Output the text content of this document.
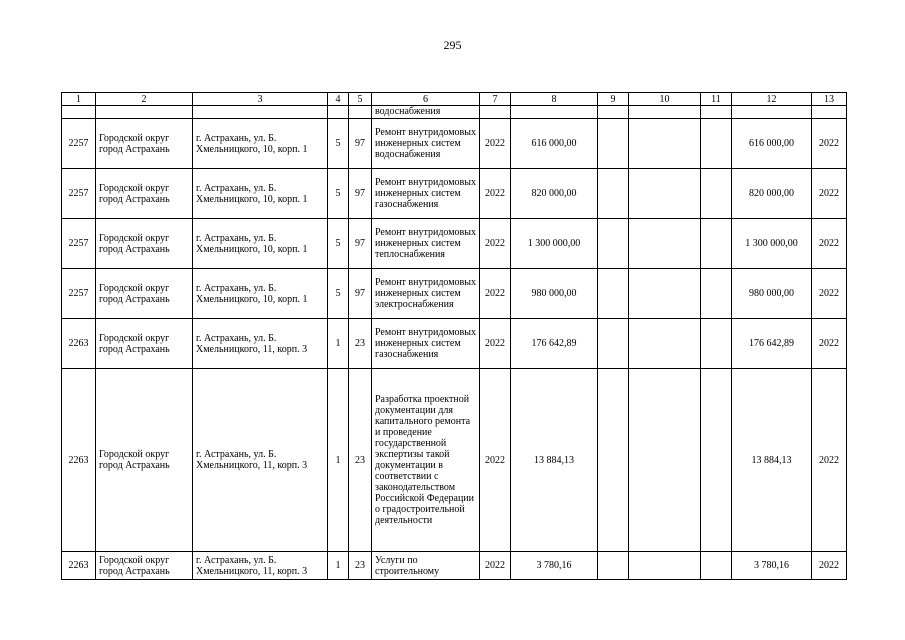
295
1	2	3	4	5	6	7	8	9	10	11	12	13
					водоснабжения							
2257	Городской округ город Астрахань	г. Астрахань, ул. Б. Хмельницкого, 10, корп. 1	5	97	Ремонт внутридомовых инженерных систем водоснабжения	2022	616 000,00				616 000,00	2022
2257	Городской округ город Астрахань	г. Астрахань, ул. Б. Хмельницкого, 10, корп. 1	5	97	Ремонт внутридомовых инженерных систем газоснабжения	2022	820 000,00				820 000,00	2022
2257	Городской округ город Астрахань	г. Астрахань, ул. Б. Хмельницкого, 10, корп. 1	5	97	Ремонт внутридомовых инженерных систем теплоснабжения	2022	1 300 000,00				1 300 000,00	2022
2257	Городской округ город Астрахань	г. Астрахань, ул. Б. Хмельницкого, 10, корп. 1	5	97	Ремонт внутридомовых инженерных систем электроснабжения	2022	980 000,00				980 000,00	2022
2263	Городской округ город Астрахань	г. Астрахань, ул. Б. Хмельницкого, 11, корп. 3	1	23	Ремонт внутридомовых инженерных систем газоснабжения	2022	176 642,89				176 642,89	2022
2263	Городской округ город Астрахань	г. Астрахань, ул. Б. Хмельницкого, 11, корп. 3	1	23	Разработка проектной документации для капитального ремонта и проведение государственной экспертизы такой документации в соответствии с законодательством Российской Федерации о градостроительной деятельности	2022	13 884,13				13 884,13	2022
2263	Городской округ город Астрахань	г. Астрахань, ул. Б. Хмельницкого, 11, корп. 3	1	23	Услуги по строительному	2022	3 780,16				3 780,16	2022
